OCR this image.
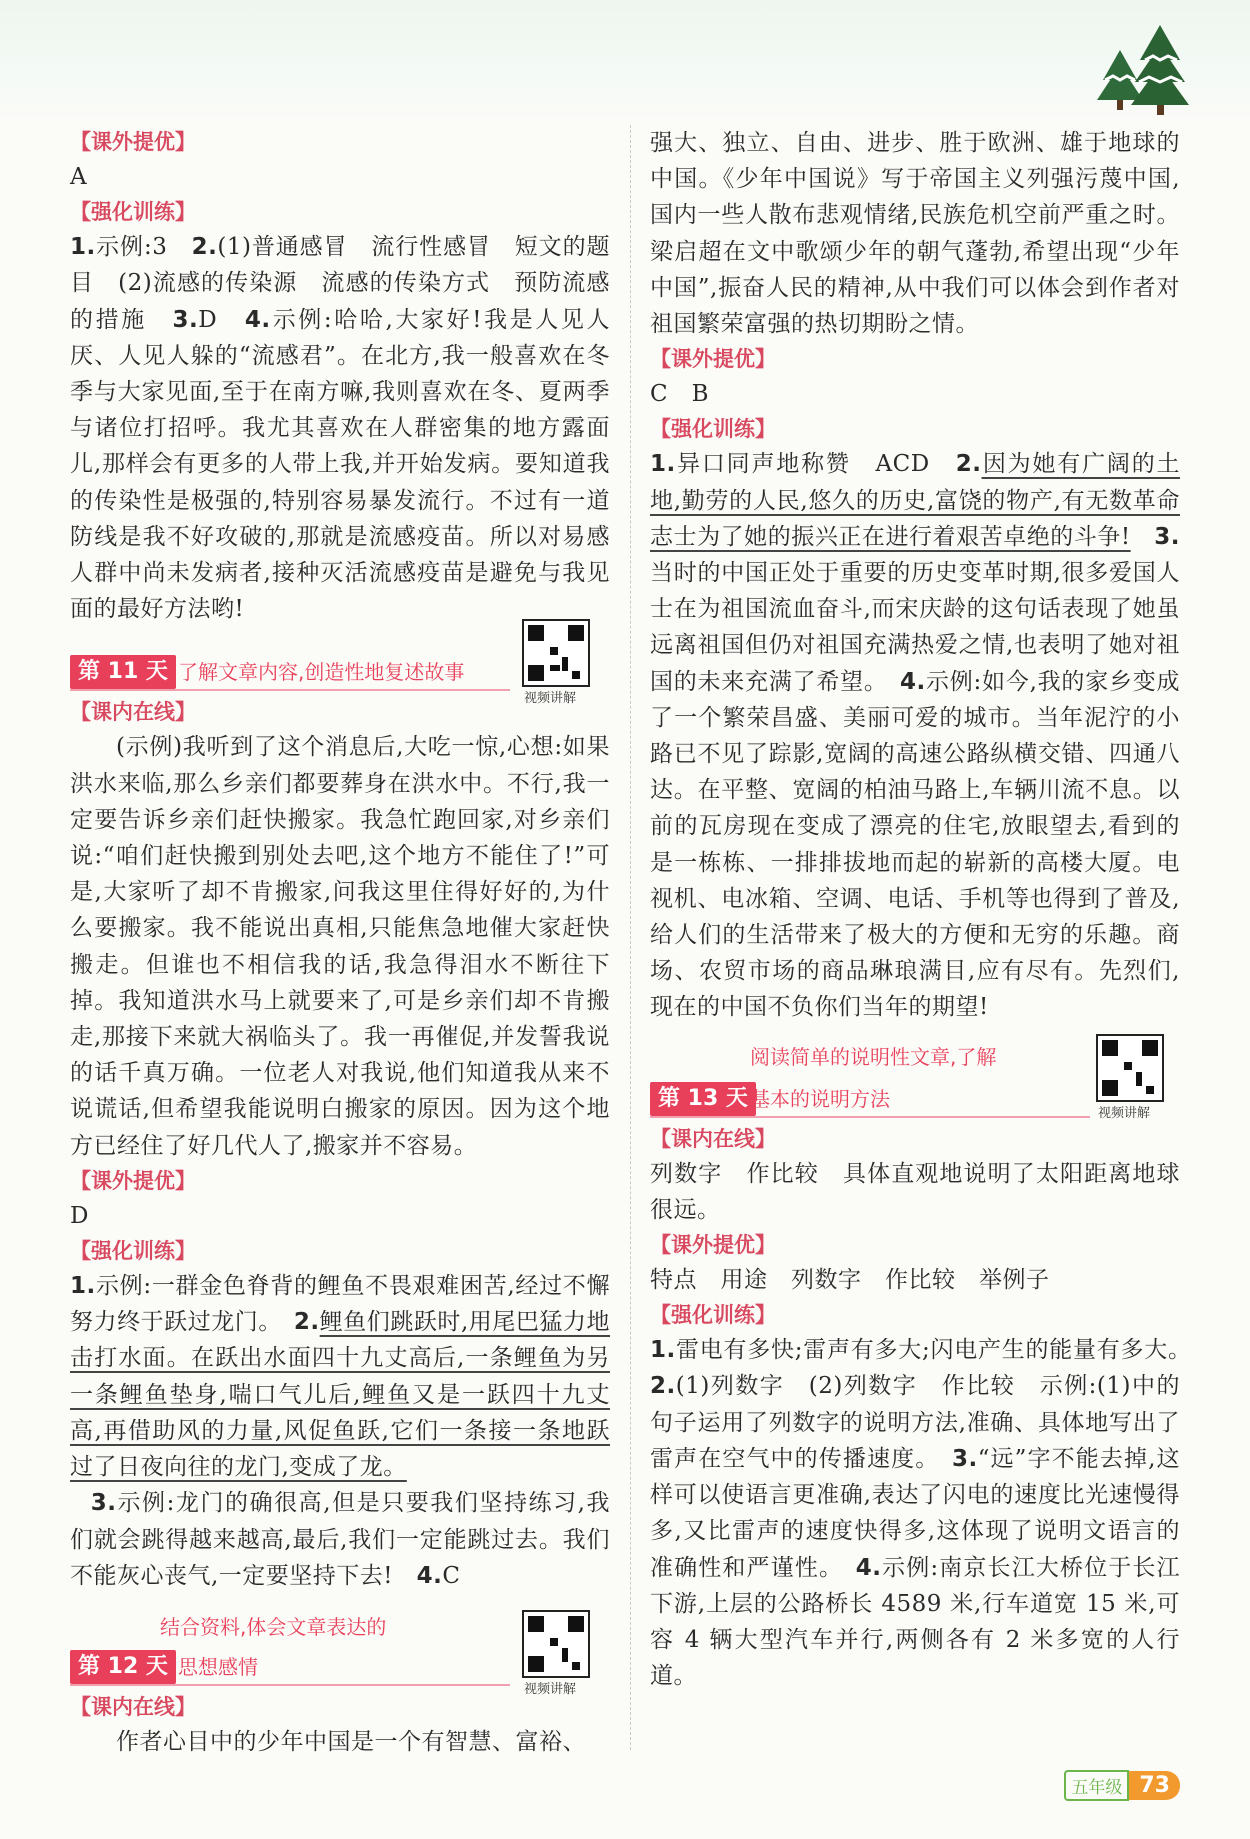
【课外提优】

A

【强化训练】

1.示例:3　2.(1)普通感冒　流行性感冒　短文的题目　(2)流感的传染源　流感的传染方式　预防流感的措施　3.D　4.示例:哈哈,大家好!我是人见人厌、人见人躲的“流感君”。在北方,我一般喜欢在冬季与大家见面,至于在南方嘛,我则喜欢在冬、夏两季与诸位打招呼。我尤其喜欢在人群密集的地方露面儿,那样会有更多的人带上我,并开始发病。要知道我的传染性是极强的,特别容易暴发流行。不过有一道防线是我不好攻破的,那就是流感疫苗。所以对易感人群中尚未发病者,接种灭活流感疫苗是避免与我见面的最好方法哟!

第 11 天 了解文章内容,创造性地复述故事
视频讲解
【课内在线】

(示例)我听到了这个消息后,大吃一惊,心想:如果洪水来临,那么乡亲们都要葬身在洪水中。不行,我一定要告诉乡亲们赶快搬家。我急忙跑回家,对乡亲们说:“咱们赶快搬到别处去吧,这个地方不能住了!”可是,大家听了却不肯搬家,问我这里住得好好的,为什么要搬家。我不能说出真相,只能焦急地催大家赶快搬走。但谁也不相信我的话,我急得泪水不断往下掉。我知道洪水马上就要来了,可是乡亲们却不肯搬走,那接下来就大祸临头了。我一再催促,并发誓我说的话千真万确。一位老人对我说,他们知道我从来不说谎话,但希望我能说明白搬家的原因。因为这个地方已经住了好几代人了,搬家并不容易。

【课外提优】

D

【强化训练】

1.示例:一群金色脊背的鲤鱼不畏艰难困苦,经过不懈努力终于跃过龙门。　2.鲤鱼们跳跃时,用尾巴猛力地击打水面。在跃出水面四十九丈高后,一条鲤鱼为另一条鲤鱼垫身,喘口气儿后,鲤鱼又是一跃四十九丈高,再借助风的力量,风促鱼跃,它们一条接一条地跃过了日夜向往的龙门,变成了龙。
3.示例:龙门的确很高,但是只要我们坚持练习,我们就会跳得越来越高,最后,我们一定能跳过去。我们不能灰心丧气,一定要坚持下去!　4.C

结合资料,体会文章表达的
第 12 天 思想感情
视频讲解
【课内在线】

作者心目中的少年中国是一个有智慧、富裕、

强大、独立、自由、进步、胜于欧洲、雄于地球的中国。《少年中国说》写于帝国主义列强污蔑中国,国内一些人散布悲观情绪,民族危机空前严重之时。梁启超在文中歌颂少年的朝气蓬勃,希望出现“少年中国”,振奋人民的精神,从中我们可以体会到作者对祖国繁荣富强的热切期盼之情。

【课外提优】

C　B

【强化训练】

1.异口同声地称赞　ACD　2.因为她有广阔的土地,勤劳的人民,悠久的历史,富饶的物产,有无数革命志士为了她的振兴正在进行着艰苦卓绝的斗争!　3.当时的中国正处于重要的历史变革时期,很多爱国人士在为祖国流血奋斗,而宋庆龄的这句话表现了她虽远离祖国但仍对祖国充满热爱之情,也表明了她对祖国的未来充满了希望。　4.示例:如今,我的家乡变成了一个繁荣昌盛、美丽可爱的城市。当年泥泞的小路已不见了踪影,宽阔的高速公路纵横交错、四通八达。在平整、宽阔的柏油马路上,车辆川流不息。以前的瓦房现在变成了漂亮的住宅,放眼望去,看到的是一栋栋、一排排拔地而起的崭新的高楼大厦。电视机、电冰箱、空调、电话、手机等也得到了普及,给人们的生活带来了极大的方便和无穷的乐趣。商场、农贸市场的商品琳琅满目,应有尽有。先烈们,现在的中国不负你们当年的期望!

阅读简单的说明性文章,了解
第 13 天 基本的说明方法
视频讲解
【课内在线】

列数字　作比较　具体直观地说明了太阳距离地球很远。

【课外提优】

特点　用途　列数字　作比较　举例子

【强化训练】

1.雷电有多快;雷声有多大;闪电产生的能量有多大。　2.(1)列数字　(2)列数字　作比较　示例:(1)中的句子运用了列数字的说明方法,准确、具体地写出了雷声在空气中的传播速度。　3.“远”字不能去掉,这样可以使语言更准确,表达了闪电的速度比光速慢得多,又比雷声的速度快得多,这体现了说明文语言的准确性和严谨性。　4.示例:南京长江大桥位于长江下游,上层的公路桥长 4589 米,行车道宽 15 米,可容 4 辆大型汽车并行,两侧各有 2 米多宽的人行道。

五年级 73
